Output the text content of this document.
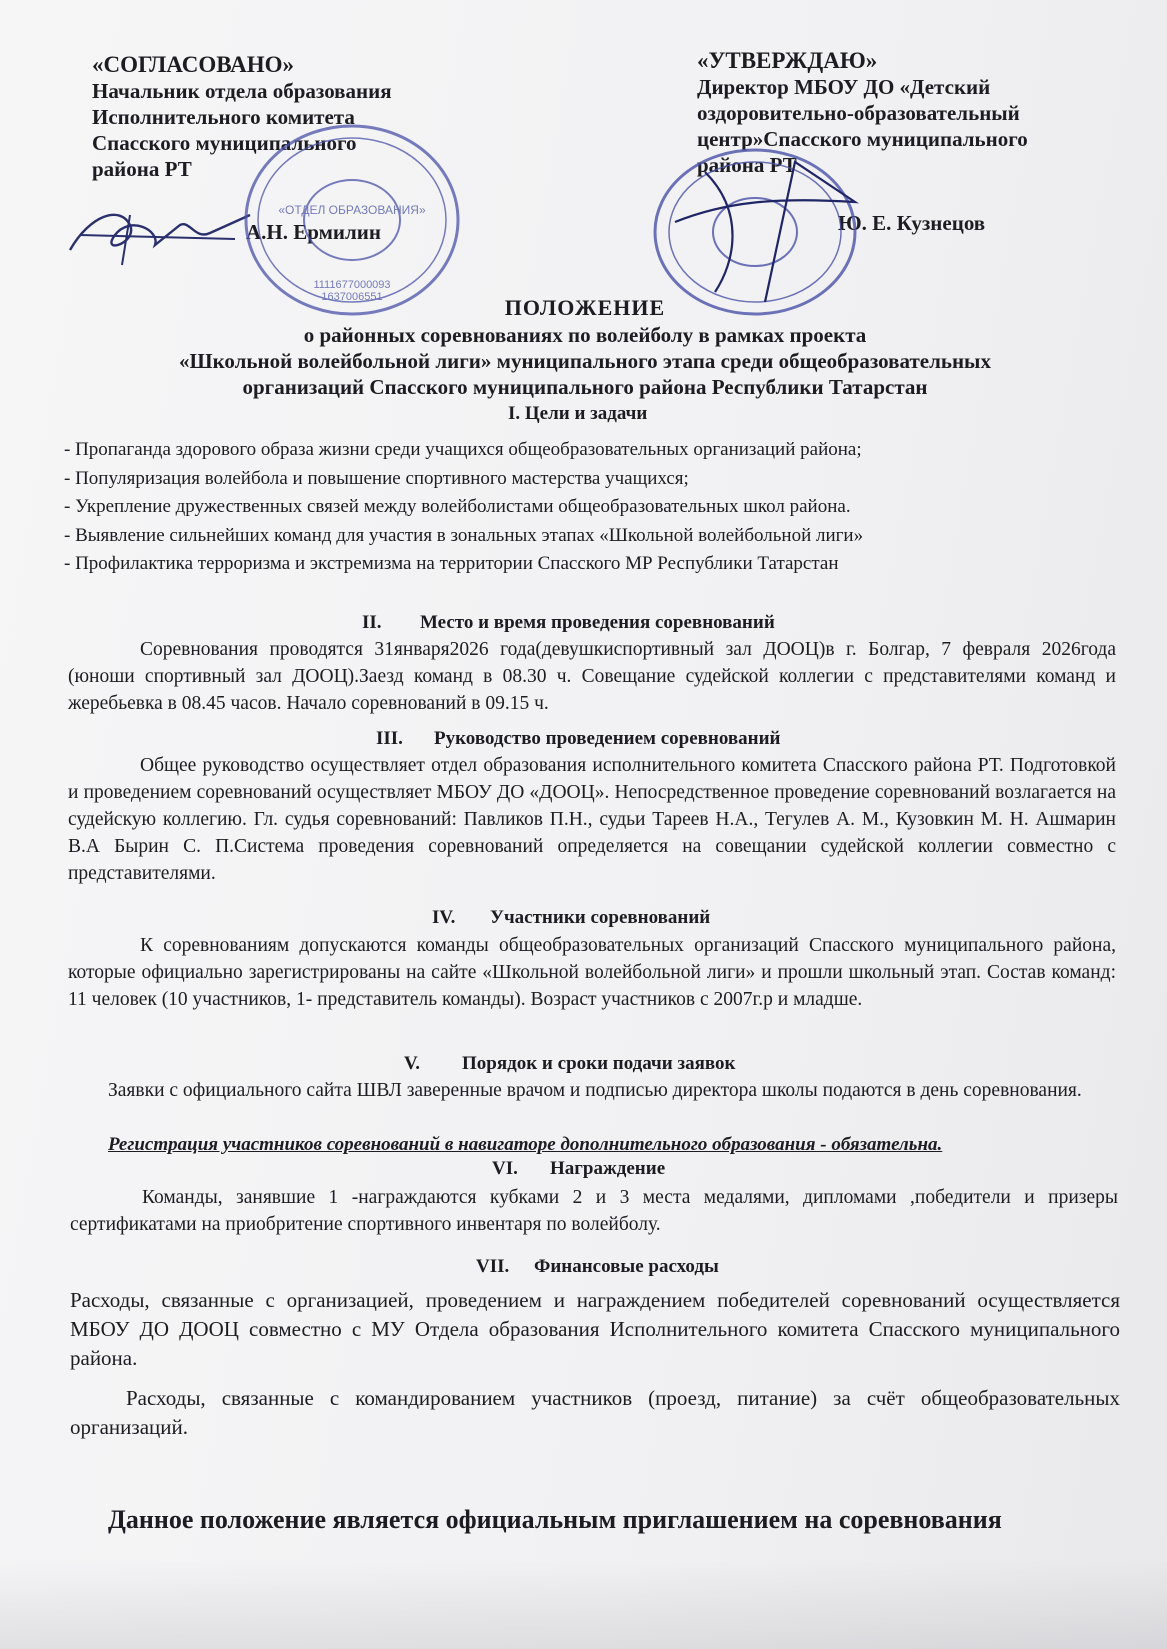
«СОГЛАСОВАНО»
Начальник отдела образования
Исполнительного комитета
Спасского муниципального
района РТ
А.Н. Ермилин
«ОТДЕЛ ОБРАЗОВАНИЯ»
1111677000093
1637006551
«УТВЕРЖДАЮ»
Директор МБОУ ДО «Детский
оздоровительно-образовательный
центр»Спасского муниципального
района РТ
Ю. Е. Кузнецов
ПОЛОЖЕНИЕ
о районных соревнованиях по волейболу в рамках проекта
«Школьной волейбольной лиги» муниципального этапа среди общеобразовательных
организаций Спасского муниципального района Республики Татарстан
I. Цели и задачи
- Пропаганда здорового образа жизни среди учащихся общеобразовательных организаций района;
- Популяризация волейбола и повышение спортивного мастерства учащихся;
- Укрепление дружественных связей между волейболистами общеобразовательных школ района.
- Выявление сильнейших команд для участия в зональных этапах «Школьной волейбольной лиги»
- Профилактика терроризма и экстремизма на территории Спасского МР Республики Татарстан
II. Место и время проведения соревнований
Соревнования проводятся 31января2026 года(девушкиспортивный зал ДООЦ)в г. Болгар, 7 февраля 2026года (юноши спортивный зал ДООЦ).Заезд команд в 08.30 ч. Совещание судейской коллегии с представителями команд и жеребьевка в 08.45 часов. Начало соревнований в 09.15 ч.
III. Руководство проведением соревнований
Общее руководство осуществляет отдел образования исполнительного комитета Спасского района РТ. Подготовкой и проведением соревнований осуществляет МБОУ ДО «ДООЦ». Непосредственное проведение соревнований возлагается на судейскую коллегию. Гл. судья соревнований: Павликов П.Н., судьи Тареев Н.А., Тегулев А. М., Кузовкин М. Н. Ашмарин В.А Бырин С. П.Система проведения соревнований определяется на совещании судейской коллегии совместно с представителями.
IV. Участники соревнований
К соревнованиям допускаются команды общеобразовательных организаций Спасского муниципального района, которые официально зарегистрированы на сайте «Школьной волейбольной лиги» и прошли школьный этап. Состав команд: 11 человек (10 участников, 1- представитель команды). Возраст участников с 2007г.р и младше.
V. Порядок и сроки подачи заявок
Заявки с официального сайта ШВЛ заверенные врачом и подписью директора школы подаются в день соревнования.
Регистрация участников соревнований в навигаторе дополнительного образования - обязательна.
VI. Награждение
Команды, занявшие 1 -награждаются кубками 2 и 3 места медалями, дипломами ,победители и призеры сертификатами на приобритение спортивного инвентаря по волейболу.
VII. Финансовые расходы
Расходы, связанные с организацией, проведением и награждением победителей соревнований осуществляется МБОУ ДО ДООЦ совместно с МУ Отдела образования Исполнительного комитета Спасского муниципального района.
Расходы, связанные с командированием участников (проезд, питание) за счёт общеобразовательных организаций.
Данное положение является официальным приглашением на соревнования
